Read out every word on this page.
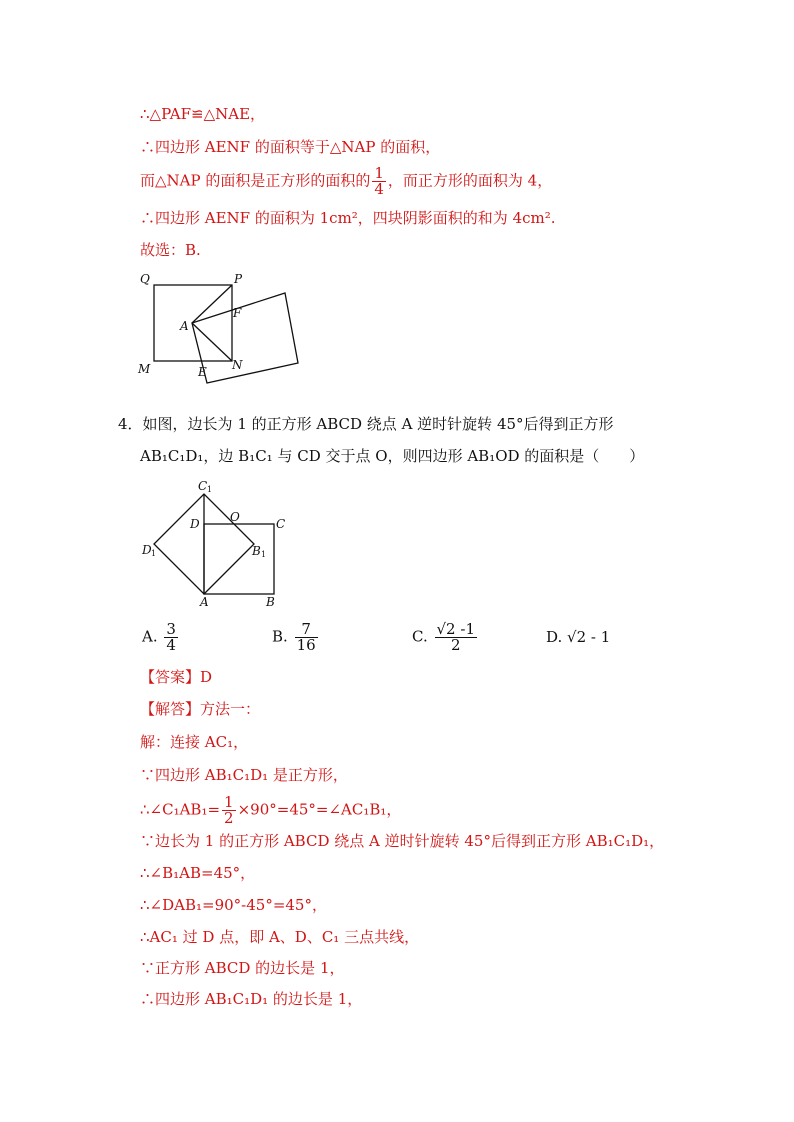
∴△PAF≌△NAE，
∴四边形 AENF 的面积等于△NAP 的面积，
而△NAP 的面积是正方形的面积的 $\frac{1}{4}$ ，而正方形的面积为 4，
∴四边形 AENF 的面积为 1cm²，四块阴影面积的和为 4cm².
故选：B.
Q	P
A
F
M	E N
4．如图，边长为 1 的正方形 ABCD 绕点 A 逆时针旋转 45°后得到正方形
AB₁C₁D₁，边 B₁C₁ 与 CD 交于点 O，则四边形 AB₁OD 的面积是（　　）
C 1
D	O	C
D 1	B 1
A	B
A. $\frac{3}{4}$	B. $\frac{7}{16}$	C. $\frac{√2 -1}{2}$	D. √2 - 1
【答案】D
【解答】方法一：
解：连接 AC₁，
∵四边形 AB₁C₁D₁ 是正方形，
∴∠C₁AB₁= $\frac{1}{2}$ ×90°=45°=∠AC₁B₁，
∵边长为 1 的正方形 ABCD 绕点 A 逆时针旋转 45°后得到正方形 AB₁C₁D₁，
∴∠B₁AB=45°，
∴∠DAB₁=90°-45°=45°，
∴AC₁ 过 D 点，即 A、D、C₁ 三点共线，
∵正方形 ABCD 的边长是 1，
∴四边形 AB₁C₁D₁ 的边长是 1，
